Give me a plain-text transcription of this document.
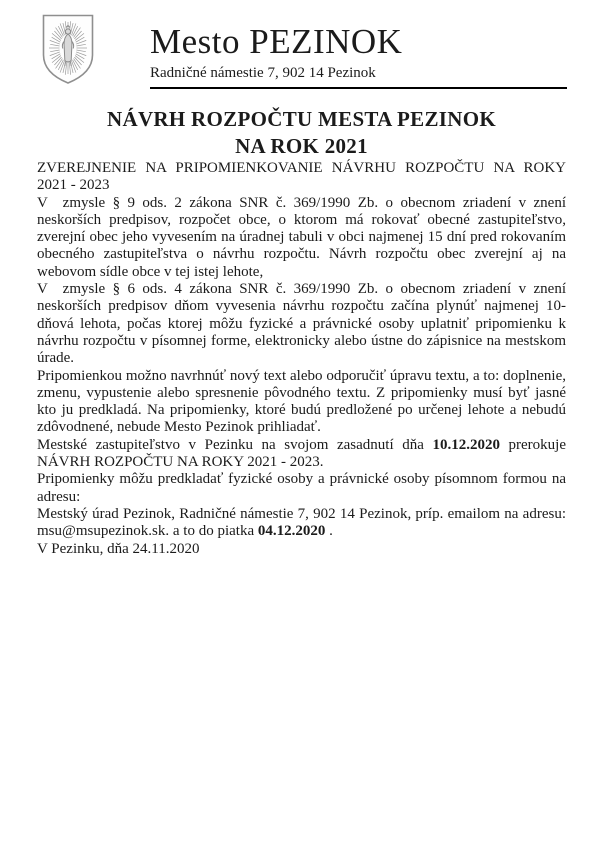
Mesto PEZINOK
Radničné námestie 7, 902 14 Pezinok
NÁVRH ROZPOČTU MESTA PEZINOK
NA ROK 2021

ZVEREJNENIE NA PRIPOMIENKOVANIE NÁVRHU ROZPOČTU NA ROKY 2021 - 2023

V  zmysle § 9 ods. 2 zákona SNR č. 369/1990 Zb. o obecnom zriadení v znení neskorších predpisov, rozpočet obce, o ktorom má rokovať obecné zastupiteľstvo, zverejní obec jeho vyvesením na úradnej tabuli v obci najmenej 15 dní pred rokovaním obecného zastupiteľstva o návrhu rozpočtu. Návrh rozpočtu obec zverejní aj na webovom sídle obce v tej istej lehote,

V  zmysle § 6 ods. 4 zákona SNR č. 369/1990 Zb. o obecnom zriadení v znení neskorších predpisov dňom vyvesenia návrhu rozpočtu začína plynúť najmenej 10-dňová lehota, počas ktorej môžu fyzické a právnické osoby uplatniť pripomienku k návrhu rozpočtu v písomnej forme, elektronicky alebo ústne do zápisnice na mestskom úrade.

Pripomienkou možno navrhnúť nový text alebo odporučiť úpravu textu, a to: doplnenie, zmenu, vypustenie alebo spresnenie pôvodného textu. Z pripomienky musí byť jasné kto ju predkladá. Na pripomienky, ktoré budú predložené po určenej lehote a nebudú zdôvodnené, nebude Mesto Pezinok prihliadať.

Mestské zastupiteľstvo v Pezinku na svojom zasadnutí dňa 10.12.2020 prerokuje NÁVRH ROZPOČTU NA ROKY 2021 - 2023.

Pripomienky môžu predkladať fyzické osoby a právnické osoby písomnom formou na adresu:

Mestský úrad Pezinok, Radničné námestie 7, 902 14 Pezinok, príp. emailom na adresu: msu@msupezinok.sk. a to do piatka 04.12.2020 .

V Pezinku, dňa 24.11.2020
